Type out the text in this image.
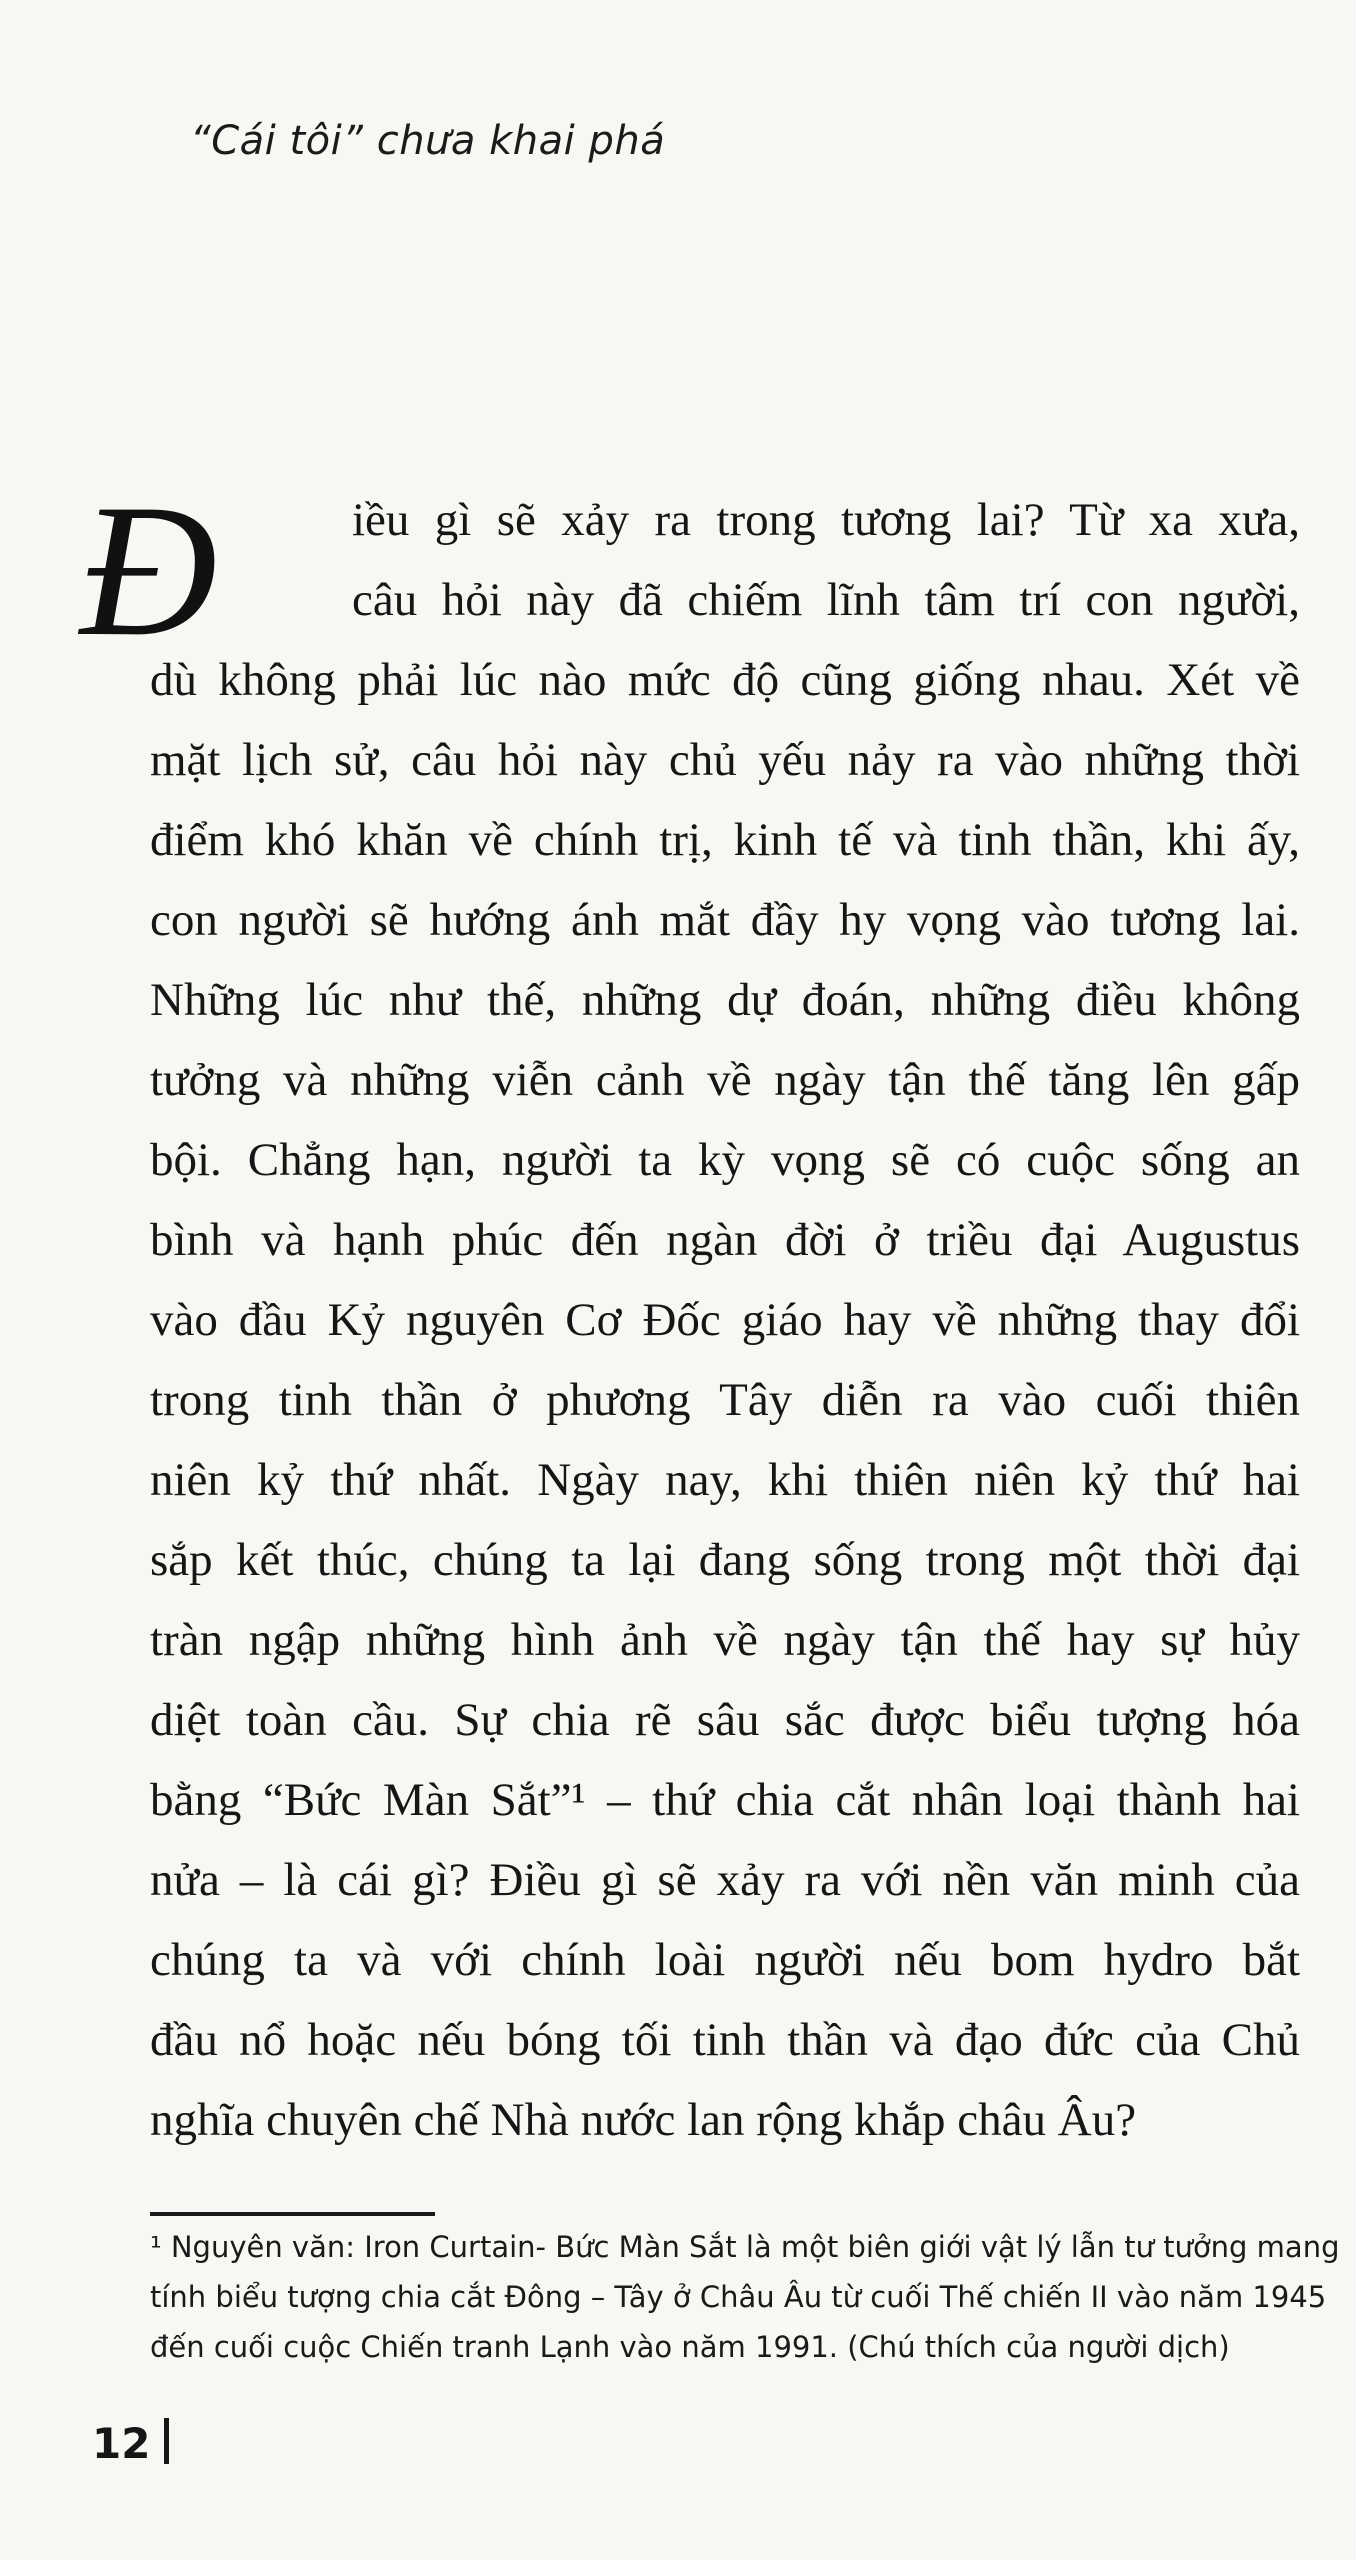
“Cái tôi” chưa khai phá
Đ	iều gì sẽ xảy ra trong tương lai? Từ xa xưa,
câu hỏi này đã chiếm lĩnh tâm trí con người,
dù không phải lúc nào mức độ cũng giống nhau. Xét về
mặt lịch sử, câu hỏi này chủ yếu nảy ra vào những thời
điểm khó khăn về chính trị, kinh tế và tinh thần, khi ấy,
con người sẽ hướng ánh mắt đầy hy vọng vào tương lai.
Những lúc như thế, những dự đoán, những điều không
tưởng và những viễn cảnh về ngày tận thế tăng lên gấp
bội. Chẳng hạn, người ta kỳ vọng sẽ có cuộc sống an
bình và hạnh phúc đến ngàn đời ở triều đại Augustus
vào đầu Kỷ nguyên Cơ Đốc giáo hay về những thay đổi
trong tinh thần ở phương Tây diễn ra vào cuối thiên
niên kỷ thứ nhất. Ngày nay, khi thiên niên kỷ thứ hai
sắp kết thúc, chúng ta lại đang sống trong một thời đại
tràn ngập những hình ảnh về ngày tận thế hay sự hủy
diệt toàn cầu. Sự chia rẽ sâu sắc được biểu tượng hóa
bằng “Bức Màn Sắt”¹ – thứ chia cắt nhân loại thành hai
nửa – là cái gì? Điều gì sẽ xảy ra với nền văn minh của
chúng ta và với chính loài người nếu bom hydro bắt
đầu nổ hoặc nếu bóng tối tinh thần và đạo đức của Chủ
nghĩa chuyên chế Nhà nước lan rộng khắp châu Âu?
¹ Nguyên văn: Iron Curtain- Bức Màn Sắt là một biên giới vật lý lẫn tư tưởng mang
tính biểu tượng chia cắt Đông – Tây ở Châu Âu từ cuối Thế chiến II vào năm 1945
đến cuối cuộc Chiến tranh Lạnh vào năm 1991. (Chú thích của người dịch)
12
